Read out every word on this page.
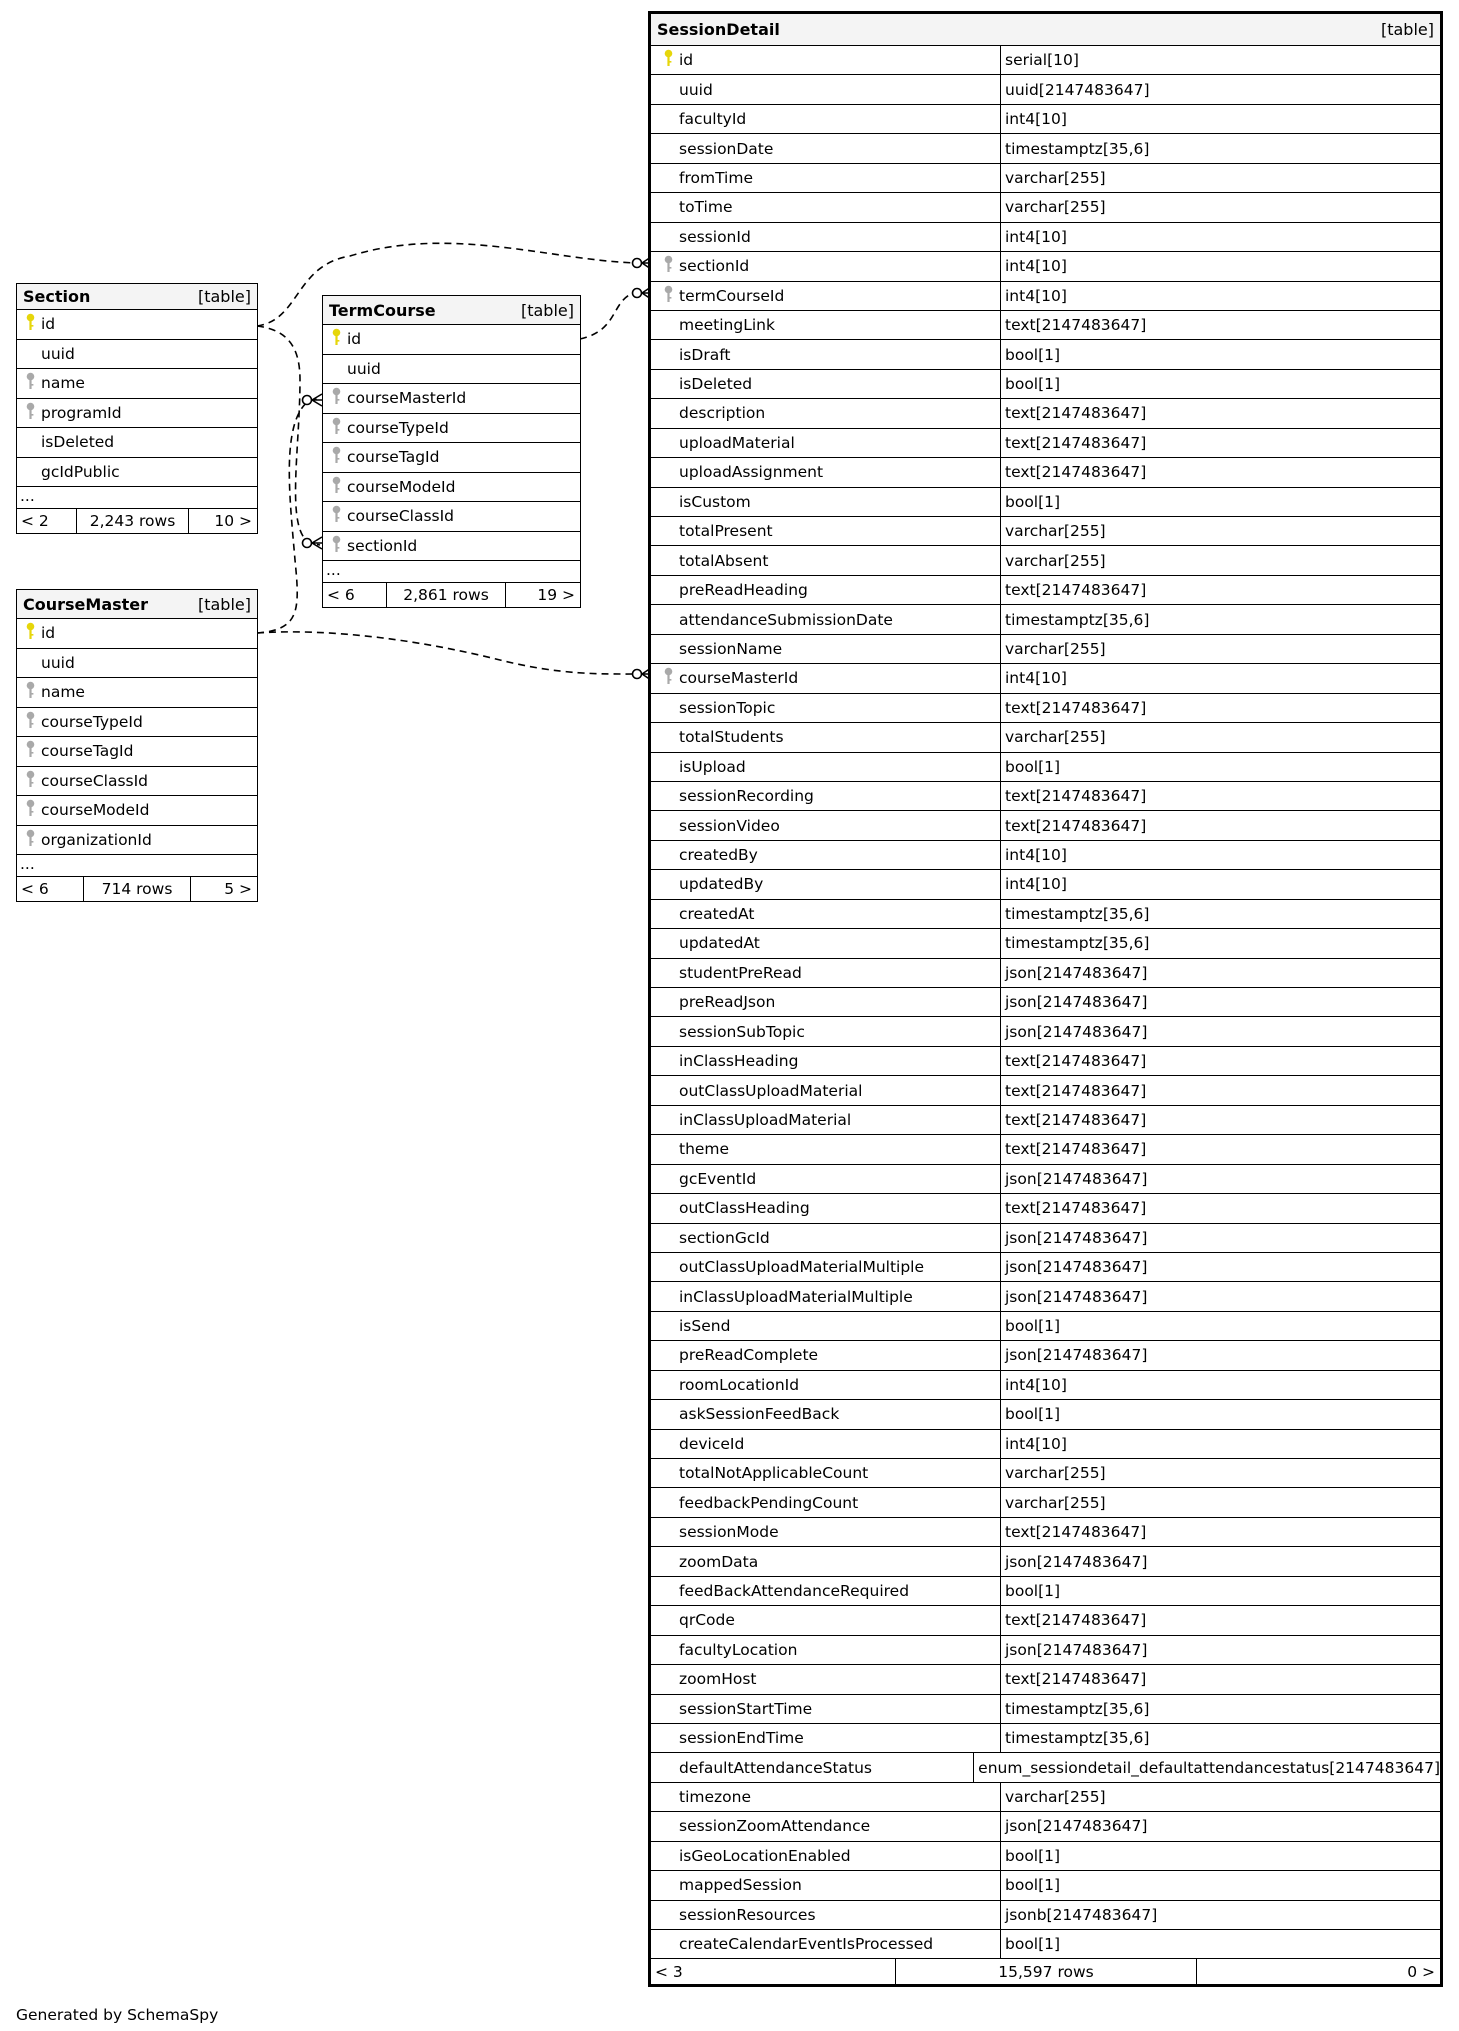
Section	[table]
id
uuid
name
programId
isDeleted
gcIdPublic
...
< 2	2,243 rows	10 >
TermCourse	[table]
id
uuid
courseMasterId
courseTypeId
courseTagId
courseModeId
courseClassId
sectionId
...
< 6	2,861 rows	19 >
CourseMaster	[table]
id
uuid
name
courseTypeId
courseTagId
courseClassId
courseModeId
organizationId
...
< 6	714 rows	5 >
SessionDetail	[table]
id	serial[10]
uuid	uuid[2147483647]
facultyId	int4[10]
sessionDate	timestamptz[35,6]
fromTime	varchar[255]
toTime	varchar[255]
sessionId	int4[10]
sectionId	int4[10]
termCourseId	int4[10]
meetingLink	text[2147483647]
isDraft	bool[1]
isDeleted	bool[1]
description	text[2147483647]
uploadMaterial	text[2147483647]
uploadAssignment	text[2147483647]
isCustom	bool[1]
totalPresent	varchar[255]
totalAbsent	varchar[255]
preReadHeading	text[2147483647]
attendanceSubmissionDate	timestamptz[35,6]
sessionName	varchar[255]
courseMasterId	int4[10]
sessionTopic	text[2147483647]
totalStudents	varchar[255]
isUpload	bool[1]
sessionRecording	text[2147483647]
sessionVideo	text[2147483647]
createdBy	int4[10]
updatedBy	int4[10]
createdAt	timestamptz[35,6]
updatedAt	timestamptz[35,6]
studentPreRead	json[2147483647]
preReadJson	json[2147483647]
sessionSubTopic	json[2147483647]
inClassHeading	text[2147483647]
outClassUploadMaterial	text[2147483647]
inClassUploadMaterial	text[2147483647]
theme	text[2147483647]
gcEventId	json[2147483647]
outClassHeading	text[2147483647]
sectionGcId	json[2147483647]
outClassUploadMaterialMultiple	json[2147483647]
inClassUploadMaterialMultiple	json[2147483647]
isSend	bool[1]
preReadComplete	json[2147483647]
roomLocationId	int4[10]
askSessionFeedBack	bool[1]
deviceId	int4[10]
totalNotApplicableCount	varchar[255]
feedbackPendingCount	varchar[255]
sessionMode	text[2147483647]
zoomData	json[2147483647]
feedBackAttendanceRequired	bool[1]
qrCode	text[2147483647]
facultyLocation	json[2147483647]
zoomHost	text[2147483647]
sessionStartTime	timestamptz[35,6]
sessionEndTime	timestamptz[35,6]
defaultAttendanceStatus	enum_sessiondetail_defaultattendancestatus[2147483647]
timezone	varchar[255]
sessionZoomAttendance	json[2147483647]
isGeoLocationEnabled	bool[1]
mappedSession	bool[1]
sessionResources	jsonb[2147483647]
createCalendarEventIsProcessed	bool[1]
< 3	15,597 rows	0 >
Generated by SchemaSpy
